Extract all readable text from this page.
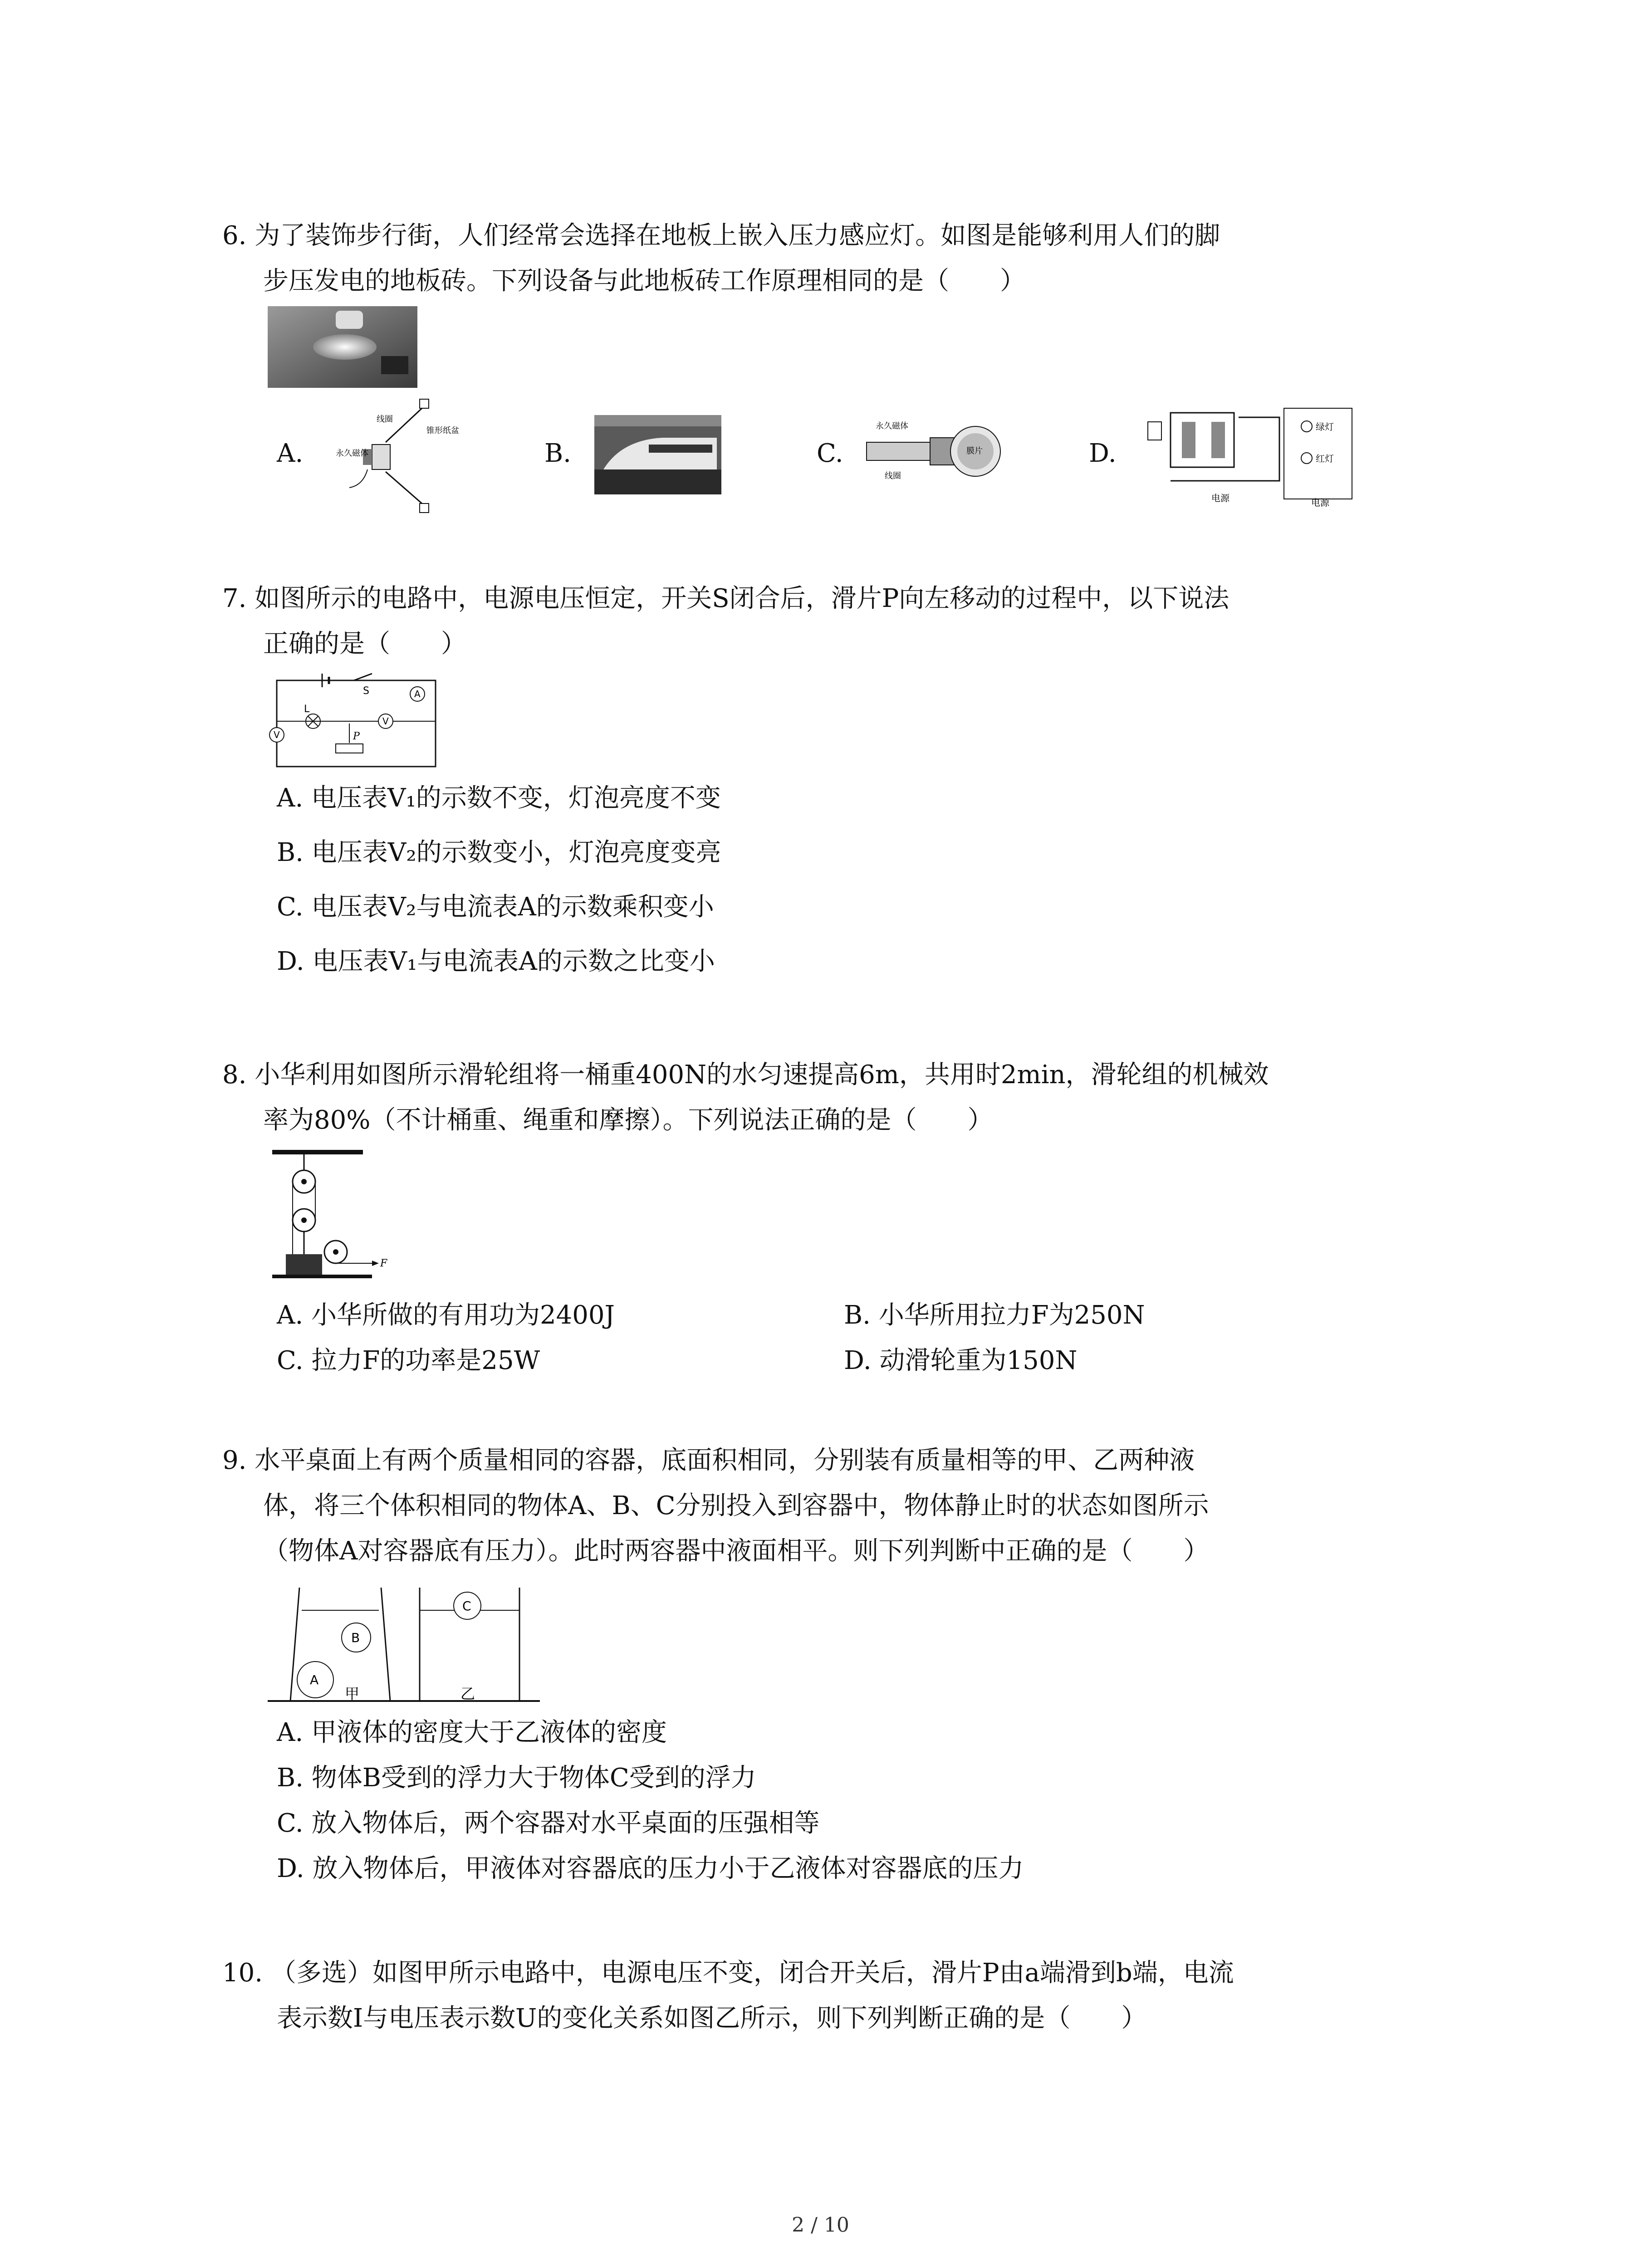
6. 为了装饰步行街，人们经常会选择在地板上嵌入压力感应灯。如图是能够利用人们的脚
步压发电的地板砖。下列设备与此地板砖工作原理相同的是（　　）
A.
线圈
锥形纸盆
永久磁体	B.	C.
永久磁体
线圈
膜片	D.
绿灯
红灯
电源	电源
7. 如图所示的电路中，电源电压恒定，开关S闭合后，滑片P向左移动的过程中，以下说法
正确的是（　　）
A
V
L
S
V
P
A. 电压表V₁的示数不变，灯泡亮度不变
B. 电压表V₂的示数变小，灯泡亮度变亮
C. 电压表V₂与电流表A的示数乘积变小
D. 电压表V₁与电流表A的示数之比变小
8. 小华利用如图所示滑轮组将一桶重400N的水匀速提高6m，共用时2min，滑轮组的机械效
率为80%（不计桶重、绳重和摩擦）。下列说法正确的是（　　）
F
A. 小华所做的有用功为2400J	B. 小华所用拉力F为250N
C. 拉力F的功率是25W	D. 动滑轮重为150N
9. 水平桌面上有两个质量相同的容器，底面积相同，分别装有质量相等的甲、乙两种液
体，将三个体积相同的物体A、B、C分别投入到容器中，物体静止时的状态如图所示
（物体A对容器底有压力）。此时两容器中液面相平。则下列判断中正确的是（　　）
B
A
甲
C
乙
A. 甲液体的密度大于乙液体的密度
B. 物体B受到的浮力大于物体C受到的浮力
C. 放入物体后，两个容器对水平桌面的压强相等
D. 放入物体后，甲液体对容器底的压力小于乙液体对容器底的压力
10. （多选）如图甲所示电路中，电源电压不变，闭合开关后，滑片P由a端滑到b端，电流
表示数Ⅰ与电压表示数U的变化关系如图乙所示，则下列判断正确的是（　　）
2 / 10
